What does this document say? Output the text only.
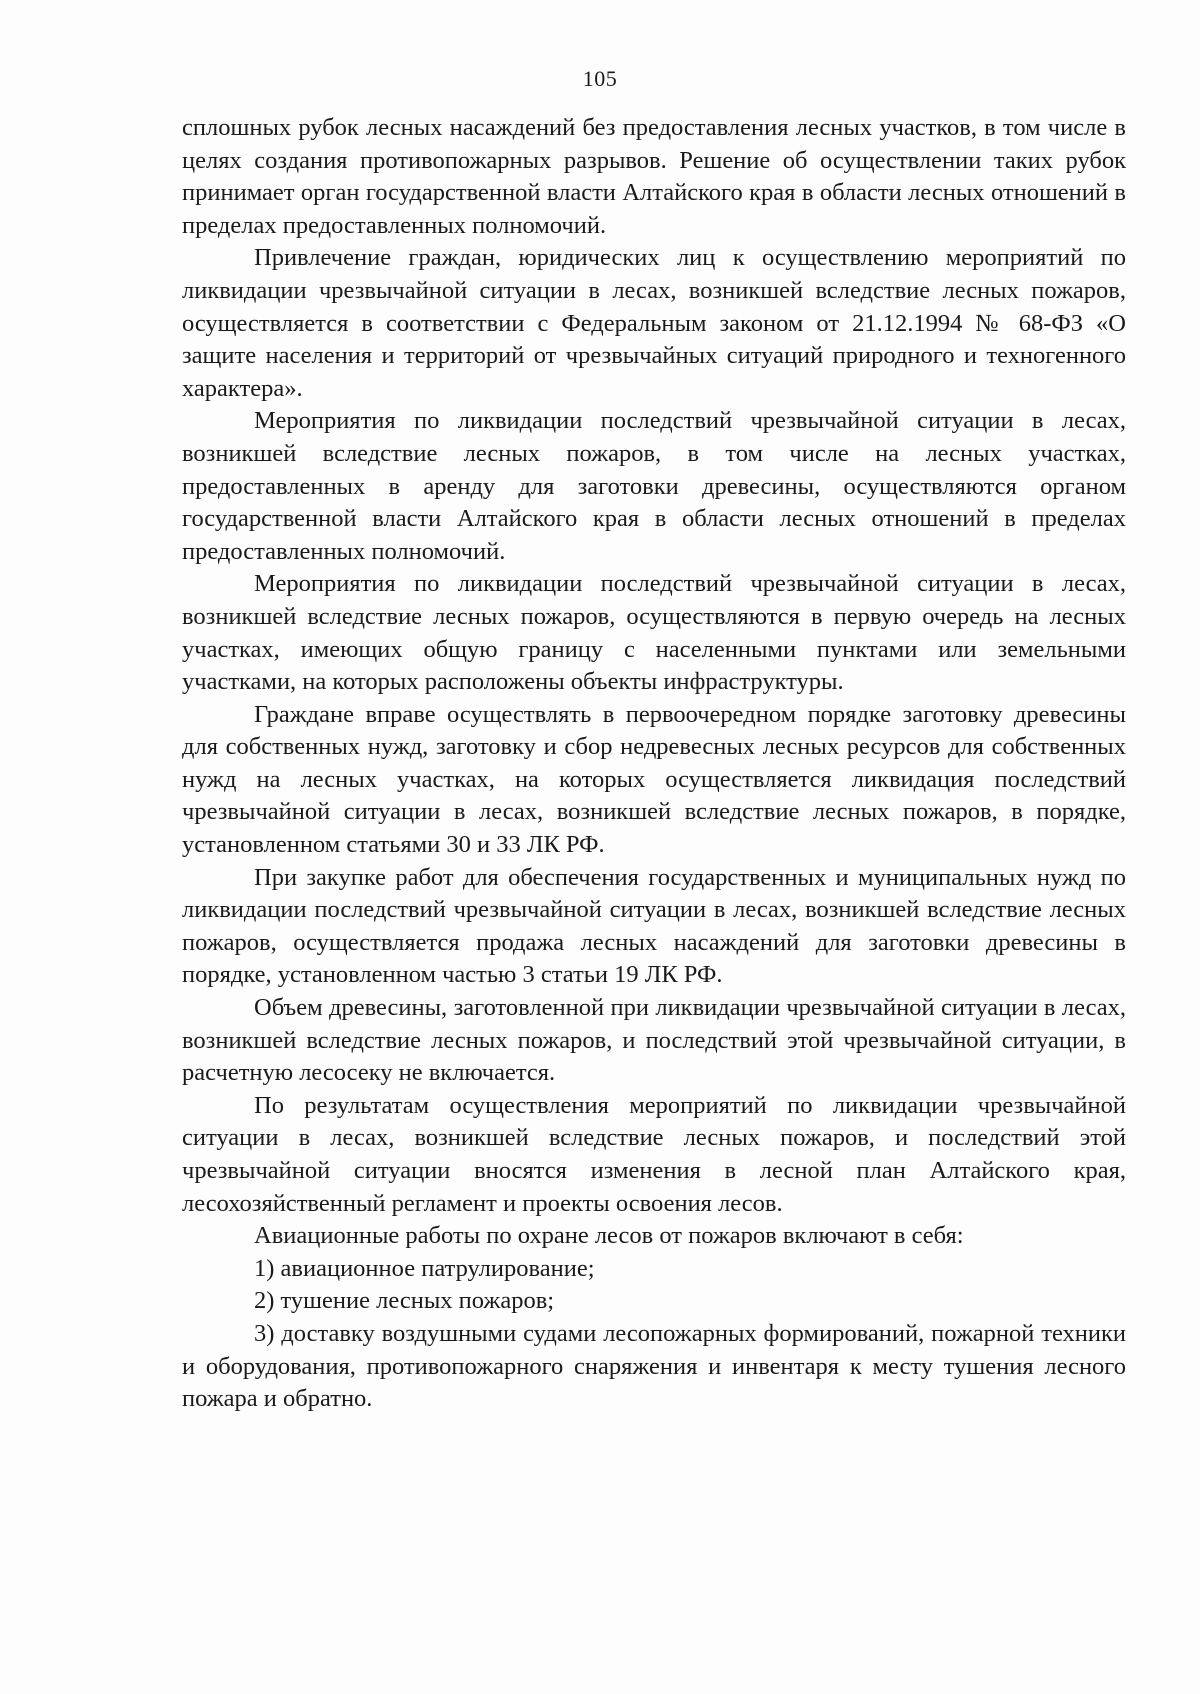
105

сплошных рубок лесных насаждений без предоставления лесных участков, в том числе в целях создания противопожарных разрывов. Решение об осуществлении таких рубок принимает орган государственной власти Алтайского края в области лесных отношений в пределах предоставленных полномочий.

Привлечение граждан, юридических лиц к осуществлению мероприятий по ликвидации чрезвычайной ситуации в лесах, возникшей вследствие лесных пожаров, осуществляется в соответствии с Федеральным законом от 21.12.1994 № 68-ФЗ «О защите населения и территорий от чрезвычайных ситуаций природного и техногенного характера».

Мероприятия по ликвидации последствий чрезвычайной ситуации в лесах, возникшей вследствие лесных пожаров, в том числе на лесных участках, предоставленных в аренду для заготовки древесины, осуществляются органом государственной власти Алтайского края в области лесных отношений в пределах предоставленных полномочий.

Мероприятия по ликвидации последствий чрезвычайной ситуации в лесах, возникшей вследствие лесных пожаров, осуществляются в первую очередь на лесных участках, имеющих общую границу с населенными пунктами или земельными участками, на которых расположены объекты инфраструктуры.

Граждане вправе осуществлять в первоочередном порядке заготовку древесины для собственных нужд, заготовку и сбор недревесных лесных ресурсов для собственных нужд на лесных участках, на которых осуществляется ликвидация последствий чрезвычайной ситуации в лесах, возникшей вследствие лесных пожаров, в порядке, установленном статьями 30 и 33 ЛК РФ.

При закупке работ для обеспечения государственных и муниципальных нужд по ликвидации последствий чрезвычайной ситуации в лесах, возникшей вследствие лесных пожаров, осуществляется продажа лесных насаждений для заготовки древесины в порядке, установленном частью 3 статьи 19 ЛК РФ.

Объем древесины, заготовленной при ликвидации чрезвычайной ситуации в лесах, возникшей вследствие лесных пожаров, и последствий этой чрезвычайной ситуации, в расчетную лесосеку не включается.

По результатам осуществления мероприятий по ликвидации чрезвычайной ситуации в лесах, возникшей вследствие лесных пожаров, и последствий этой чрезвычайной ситуации вносятся изменения в лесной план Алтайского края, лесохозяйственный регламент и проекты освоения лесов.

Авиационные работы по охране лесов от пожаров включают в себя:

1) авиационное патрулирование;

2) тушение лесных пожаров;

3) доставку воздушными судами лесопожарных формирований, пожарной техники и оборудования, противопожарного снаряжения и инвентаря к месту тушения лесного пожара и обратно.
